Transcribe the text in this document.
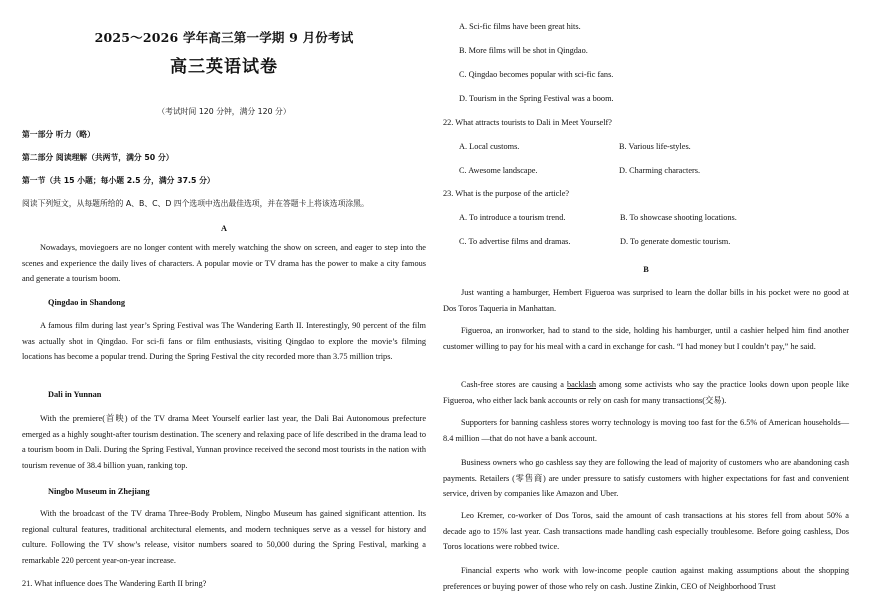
2025～2026 学年高三第一学期 9 月份考试
高三英语试卷
（考试时间 120 分钟，满分 120 分）
第一部分 听力（略）
第二部分 阅读理解（共两节，满分 50 分）
第一节（共 15 小题；每小题 2.5 分，满分 37.5 分）
阅读下列短文，从每题所给的 A、B、C、D 四个选项中选出最佳选项，并在答题卡上将该选项涂黑。
A
Nowadays, moviegoers are no longer content with merely watching the show on screen, and eager to step into the scenes and experience the daily lives of characters. A popular movie or TV drama has the power to make a city famous and generate a tourism boom.
Qingdao in Shandong
A famous film during last year’s Spring Festival was The Wandering Earth II. Interestingly, 90 percent of the film was actually shot in Qingdao. For sci-fi fans or film enthusiasts, visiting Qingdao to explore the movie’s filming locations has become a popular trend. During the Spring Festival the city recorded more than 3.75 million trips.
Dali in Yunnan
With the premiere(首映) of the TV drama Meet Yourself earlier last year, the Dali Bai Autonomous prefecture emerged as a highly sought-after tourism destination. The scenery and relaxing pace of life described in the drama lead to a tourism boom in Dali. During the Spring Festival, Yunnan province received the second most tourists in the nation with tourism revenue of 38.4 billion yuan, ranking top.
Ningbo Museum in Zhejiang
With the broadcast of the TV drama Three-Body Problem, Ningbo Museum has gained significant attention. Its regional cultural features, traditional architectural elements, and modern techniques serve as a vessel for history and culture. Following the TV show’s release, visitor numbers soared to 50,000 during the Spring Festival, marking a remarkable 220 percent year-on-year increase.
21. What influence does The Wandering Earth II bring?
A. Sci-fic films have been great hits.
B. More films will be shot in Qingdao.
C. Qingdao becomes popular with sci-fic fans.
D. Tourism in the Spring Festival was a boom.
22. What attracts tourists to Dali in Meet Yourself?
A. Local customs.	B. Various life-styles.
C. Awesome landscape.	D. Charming characters.
23. What is the purpose of the article?
A. To introduce a tourism trend.	B. To showcase shooting locations.
C. To advertise films and dramas.	D. To generate domestic tourism.
B
Just wanting a hamburger, Hembert Figueroa was surprised to learn the dollar bills in his pocket were no good at Dos Toros Taqueria in Manhattan.
Figueroa, an ironworker, had to stand to the side, holding his hamburger, until a cashier helped him find another customer willing to pay for his meal with a card in exchange for cash. “I had money but I couldn’t pay,” he said.
Cash-free stores are causing a backlash among some activists who say the practice looks down upon people like Figueroa, who either lack bank accounts or rely on cash for many transactions(交易).
Supporters for banning cashless stores worry technology is moving too fast for the 6.5% of American households—8.4 million —that do not have a bank account.
Business owners who go cashless say they are following the lead of majority of customers who are abandoning cash payments. Retailers (零售商) are under pressure to satisfy customers with higher expectations for fast and convenient service, driven by companies like Amazon and Uber.
Leo Kremer, co-worker of Dos Toros, said the amount of cash transactions at his stores fell from about 50% a decade ago to 15% last year. Cash transactions made handling cash especially troublesome. Before going cashless, Dos Toros locations were robbed twice.
Financial experts who work with low-income people caution against making assumptions about the shopping preferences or buying power of those who rely on cash. Justine Zinkin, CEO of Neighborhood Trust
